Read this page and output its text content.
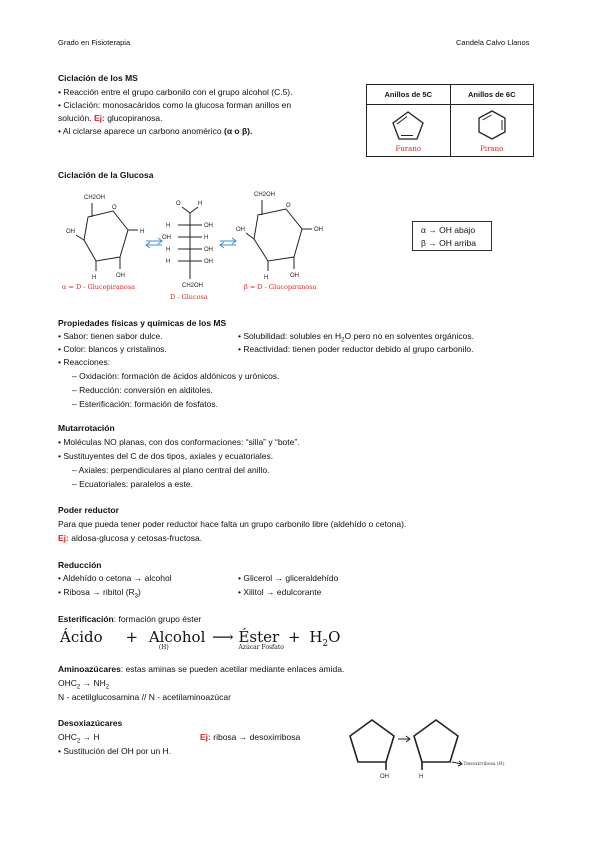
Grado en Fisioterapia	Candela Calvo Llanos
Ciclación de los MS
• Reacción entre el grupo carbonilo con el grupo alcohol (C.5).
• Ciclación: monosacáridos como la glucosa forman anillos en
solución. Ej: glucopiranosa.
• Al ciclarse aparece un carbono anomérico (α o β).
Anillos de 5C	Anillos de 6C

Furano	Pirano
Ciclación de la Glucosa
CH2OH
O
OH
H	OH
H
H
O
H	OH
OH	H
H	OH
H	OH
CH2OH
CH2OH
O
OH
H	OH
OH
α = D - Glucopiranosa
D - Glucosa
β = D - Glucopiranosa
α → OH abajo
β → OH arriba
Propiedades físicas y químicas de los MS
• Sabor: tienen sabor dulce.	• Solubilidad: solubles en $H_2O$ pero no en solventes orgánicos.
• Color: blancos y cristalinos.	• Reactividad: tienen poder reductor debido al grupo carbonilo.
• Reacciones:
– Oxidación: formación de ácidos aldónicos y urónicos.
– Reducción: conversión en alditoles.
– Esterificación: formación de fosfatos.
Mutarrotación
• Moléculas NO planas, con dos conformaciones: “silla” y “bote”.
• Sustituyentes del C de dos tipos, axiales y ecuatoriales.
– Axiales: perpendiculares al plano central del anillo.
– Ecuatoriales: paralelos a este.
Poder reductor
Para que pueda tener poder reductor hace falta un grupo carbonilo libre (aldehído o cetona).
Ej: aldosa-glucosa y cetosas-fructosa.
Reducción
• Aldehído o cetona → alcohol	• Glicerol → gliceraldehído
• Ribosa → ribitol $(R_3)$	• Xilitol → edulcorante
Esterificación: formación grupo éster
Ácido + Alcohol
(H)
⟶ Éster
Azúcar Fosfato
+ $H_2O$
Aminoazúcares: estas aminas se pueden acetilar mediante enlaces amida.
$OHC_2 \to NH_2$
N - acetilglucosamina // N - acetilaminoazúcar
Desoxiazúcares
$OHC_2 \to H$	Ej: ribosa → desoxirribosa
• Sustitución del OH por un H.
OH	H
Desoxirribosa (H)
